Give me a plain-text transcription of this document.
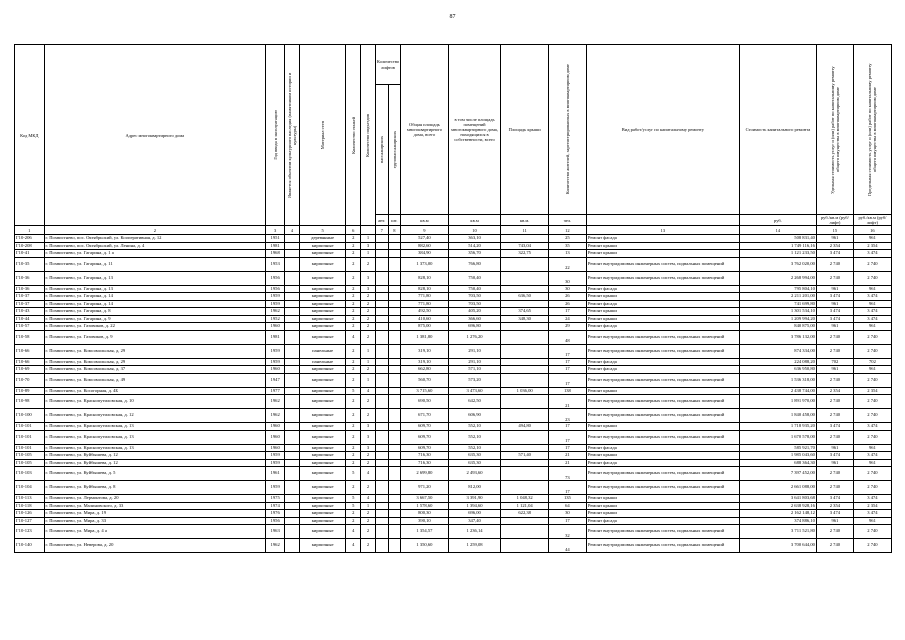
87
Код МКД	Адрес многоквартирного дома	Год ввода в эксплуатацию	Является объектом культурного наследия (памятником истории и культуры)	Материал стен	Количество этажей	Количество подъездов	Количество лифтов		Общая площадь многоквартирного дома, всего	в том числе площадь помещений многоквартирного дома, находящихся в собственности, всего	Площадь крыши	Количество жителей, зарегистрированных в многоквартирном доме	Вид работ/услуг по капитальному ремонту	Стоимость капитального ремонта	Удельная стоимость услуг и (или) работ по капитальному ремонту общего имущества в многоквартирном доме	Предельная стоимость услуг и (или) работ по капитальному ремонту общего имущества в многоквартирном доме

							пассажирских	грузопассажирских								

							ант.	шт.	кв.м	кв.м	кв.м.	чел.		руб.	руб./кв.м (руб/лифт)	руб./кв.м (руб/лифт)
1	2	3	4	5	6		7	8	9	10	11	12	13	14	15	16
Г10-206	г. Похвистнево, пос. Октябрьский, ул. Кооперативная, д. 12	1951		деревянные	2	1			527,40	363,10		25	Ремонт фасада	508 831,40	961	961
Г10-208	г. Похвистнево, пос. Октябрьский, ул. Ленина, д. 4	1981		кирпичные	2	3			882,60	514,20	743,04	35	Ремонт крыши	1 749 116,16	2 354	2 354
Г10-41	г. Похвистнево, ул. Гагарина, д. 1 а	1968		кирпичные	2	1			384,90	356,70	322,75	13	Ремонт крыши	1 121 233,50	3 474	3 474
Г10-35	г. Похвистнево, ул. Гагарина, д. 11	1953		кирпичные	2	2			1 373,00	766,80		22	Ремонт внутридомовых инженерных систем, подвальных помещений	3 762 020,00	2 740	2 740
Г10-36	г. Похвистнево, ул. Гагарина, д. 13	1956		кирпичные	2	3			828,10	750,40		30	Ремонт внутридомовых инженерных систем, подвальных помещений	2 268 994,00	2 740	2 740
Г10-36	г. Похвистнево, ул. Гагарина, д. 13	1956		кирпичные	2	3			828,10	750,40		30	Ремонт фасада	795 804,10	961	961
Г10-37	г. Похвистнево, ул. Гагарина, д. 14	1959		кирпичные	2	2			771,80	703,50	636,50	26	Ремонт крыши	2 211 201,00	3 474	3 474
Г10-37	г. Похвистнево, ул. Гагарина, д. 14	1959		кирпичные	2	2			771,80	703,50		26	Ремонт фасада	741 699,80	961	961
Г10-43	г. Похвистнево, ул. Гагарина, д. 8	1962		кирпичные	2	2			492,50	405,20	374,65	17	Ремонт крыши	1 301 534,10	3 474	3 474
Г10-44	г. Похвистнево, ул. Гагарина, д. 9	1952		кирпичные	2	2			410,60	366,60	348,30	24	Ремонт крыши	1 209 994,20	3 474	3 474
Г10-57	г. Похвистнево, ул. Газовиков, д. 22	1960		кирпичные	2	2			875,00	696,80		29	Ремонт фасада	840 875,00	961	961
Г10-58	г. Похвистнево, ул. Газовиков, д. 9	1981		кирпичные	4	2			1 381,80	1 276,20		48	Ремонт внутридомовых инженерных систем, подвальных помещений	3 786 132,00	2 740	2 740
Г10-66	г. Похвистнево, ул. Комсомольская, д. 29	1959		панельные	2	1			319,10	291,10		17	Ремонт внутридомовых инженерных систем, подвальных помещений	874 334,00	2 740	2 740
Г10-66	г. Похвистнево, ул. Комсомольская, д. 29	1959		панельные	2	1			319,10	291,10		17	Ремонт фасада	224 088,20	702	702
Г10-69	г. Похвистнево, ул. Комсомольская, д. 37	1960		кирпичные	2	2			662,80	571,10		17	Ремонт фасада	636 950,80	961	961
Г10-70	г. Похвистнево, ул. Комсомольская, д. 49	1947		кирпичные	2	1			560,70	573,20		17	Ремонт внутридомовых инженерных систем, подвальных помещений	1 536 318,00	2 740	2 740
Г10-89	г. Похвистнево, ул. Косогорная, д. 4Б	1977		кирпичные	5	4			3 715,60	3 473,60	1 036,00	138	Ремонт крыши	2 438 744,00	2 354	2 354
Г10-98	г. Похвистнево, ул. Краснопутиловская, д. 10	1962		кирпичные	2	2			690,50	642,50		21	Ремонт внутридомовых инженерных систем, подвальных помещений	1 891 970,00	2 740	2 740
Г10-100	г. Похвистнево, ул. Краснопутиловская, д. 12	1962		кирпичные	2	2			671,70	606,90		23	Ремонт внутридомовых инженерных систем, подвальных помещений	1 840 458,00	2 740	2 740
Г10-101	г. Похвистнево, ул. Краснопутиловская, д. 13	1960		кирпичные	2	3			609,70	552,10	494,80	17	Ремонт крыши	1 718 935,20	3 474	3 474
Г10-101	г. Похвистнево, ул. Краснопутиловская, д. 13	1960		кирпичные	2	3			609,70	552,10		17	Ремонт внутридомовых инженерных систем, подвальных помещений	1 670 578,00	2 740	2 740
Г10-101	г. Похвистнево, ул. Краснопутиловская, д. 13	1960		кирпичные	2	3			609,70	552,10		17	Ремонт фасада	585 921,70	961	961
Г10-105	г. Похвистнево, ул. Куйбышева, д. 12	1959		кирпичные	2	2			716,30	635,30	571,40	21	Ремонт крыши	1 985 043,60	3 474	3 474
Г10-105	г. Похвистнево, ул. Куйбышева, д. 12	1959		кирпичные	2	2			716,30	635,30		21	Ремонт фасада	688 364,30	961	961
Г10-103	г. Похвистнево, ул. Куйбышева, д. 5	1961		кирпичные	5	4			2 699,80	2 493,60		73	Ремонт внутридомовых инженерных систем, подвальных помещений	7 397 452,00	2 740	2 740
Г10-104	г. Похвистнево, ул. Куйбышева, д. 8	1959		кирпичные	2	2			971,20	812,00		17	Ремонт внутридомовых инженерных систем, подвальных помещений	2 661 088,00	2 740	2 740
Г10-113	г. Похвистнево, ул. Лермонтова, д. 20	1975		кирпичные	5	4			3 667,50	3 391,90	1 048,32	135	Ремонт крыши	3 641 803,68	3 474	3 474
Г10-118	г. Похвистнево, ул. Малиновского, д. 33	1974		кирпичные	5	1			1 578,60	1 394,60	1 121,04	64	Ремонт крыши	2 638 928,16	2 354	2 354
Г10-126	г. Похвистнево, ул. Мира, д. 19	1976		кирпичные	2	2			800,30	696,00	622,38	30	Ремонт крыши	2 162 148,12	3 474	3 474
Г10-127	г. Похвистнево, ул. Мира, д. 33	1956		кирпичные	2	2			390,10	347,40		17	Ремонт фасада	374 886,10	961	961
Г10-123	г. Похвистнево, ул. Мира, д. 4 а	1963		кирпичные	4	2			1 354,57	1 236,14		32	Ремонт внутридомовых инженерных систем, подвальных помещений	3 711 521,80	2 740	2 740
Г10-140	г. Похвистнево, ул. Неверова, д. 20	1962		кирпичные	4	2			1 350,60	1 259,08		44	Ремонт внутридомовых инженерных систем, подвальных помещений	3 700 644,00	2 740	2 740
